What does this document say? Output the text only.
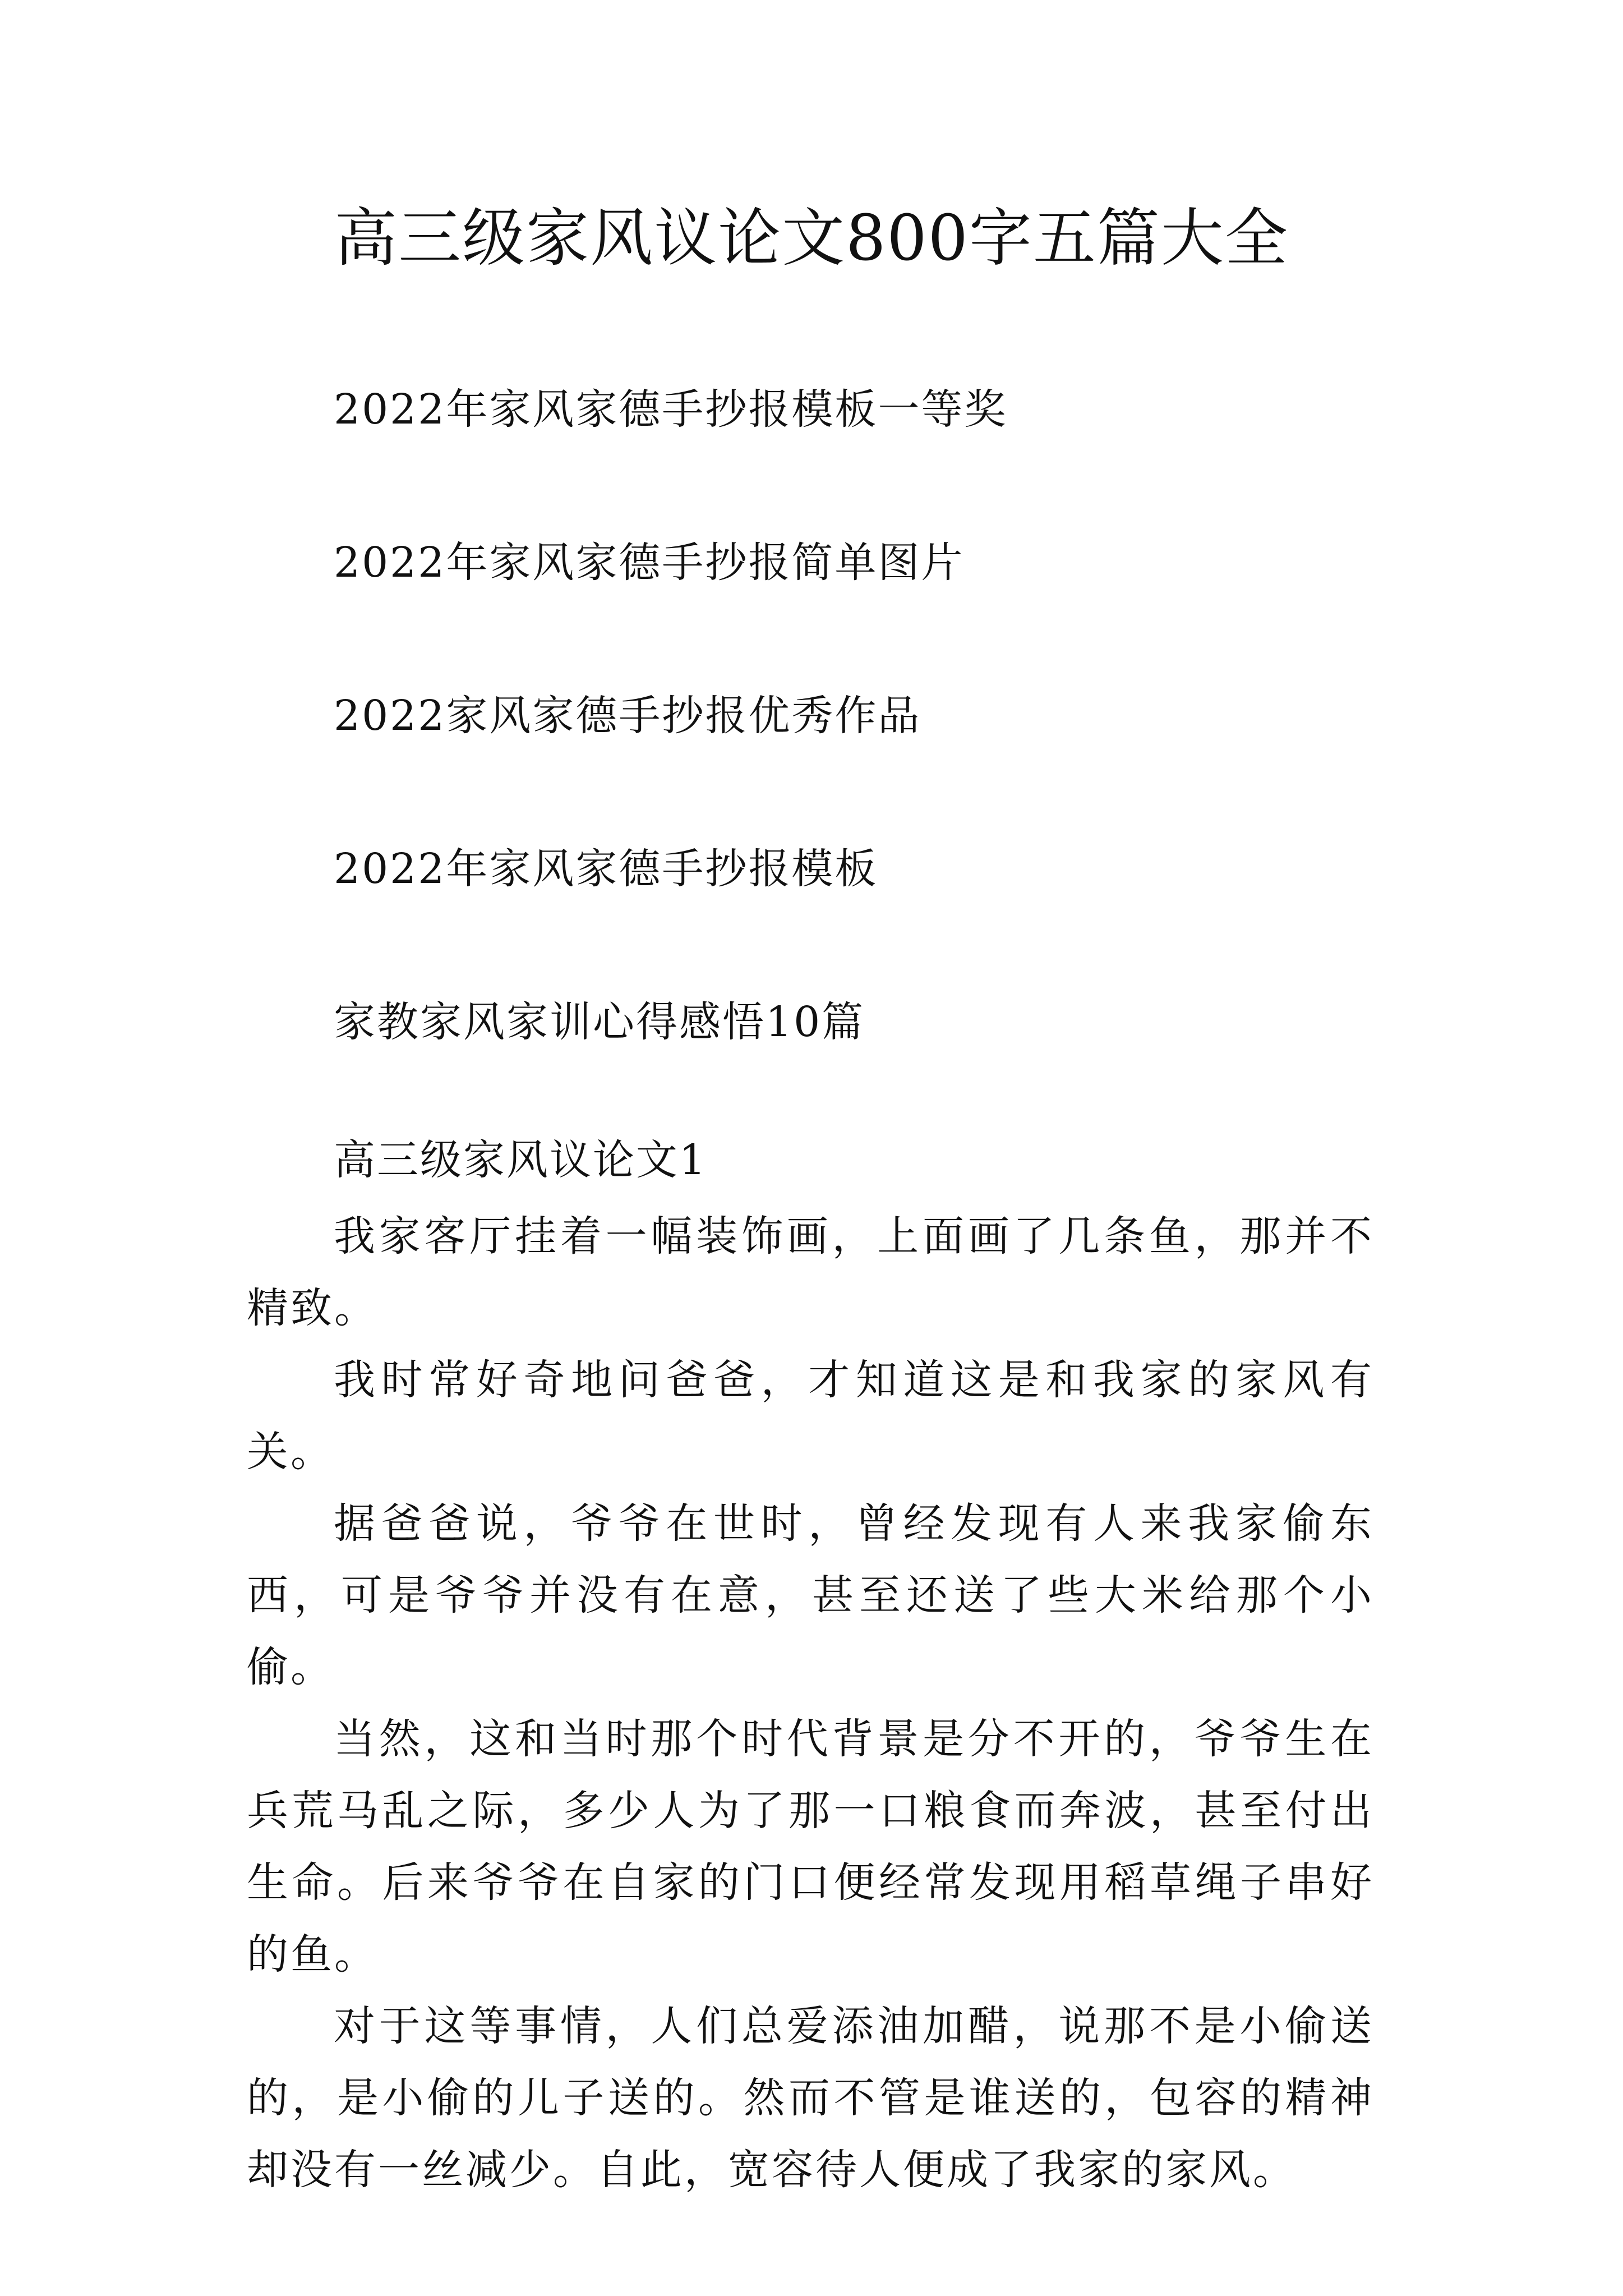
高三级家风议论文800字五篇大全
2022年家风家德手抄报模板一等奖
2022年家风家德手抄报简单图片
2022家风家德手抄报优秀作品
2022年家风家德手抄报模板
家教家风家训心得感悟10篇
高三级家风议论文1

我家客厅挂着一幅装饰画，上面画了几条鱼，那并不精致。

我时常好奇地问爸爸，才知道这是和我家的家风有关。

据爸爸说，爷爷在世时，曾经发现有人来我家偷东西，可是爷爷并没有在意，甚至还送了些大米给那个小偷。

当然，这和当时那个时代背景是分不开的，爷爷生在兵荒马乱之际，多少人为了那一口粮食而奔波，甚至付出生命。后来爷爷在自家的门口便经常发现用稻草绳子串好的鱼。

对于这等事情，人们总爱添油加醋，说那不是小偷送的，是小偷的儿子送的。然而不管是谁送的，包容的精神却没有一丝减少。自此，宽容待人便成了我家的家风。
